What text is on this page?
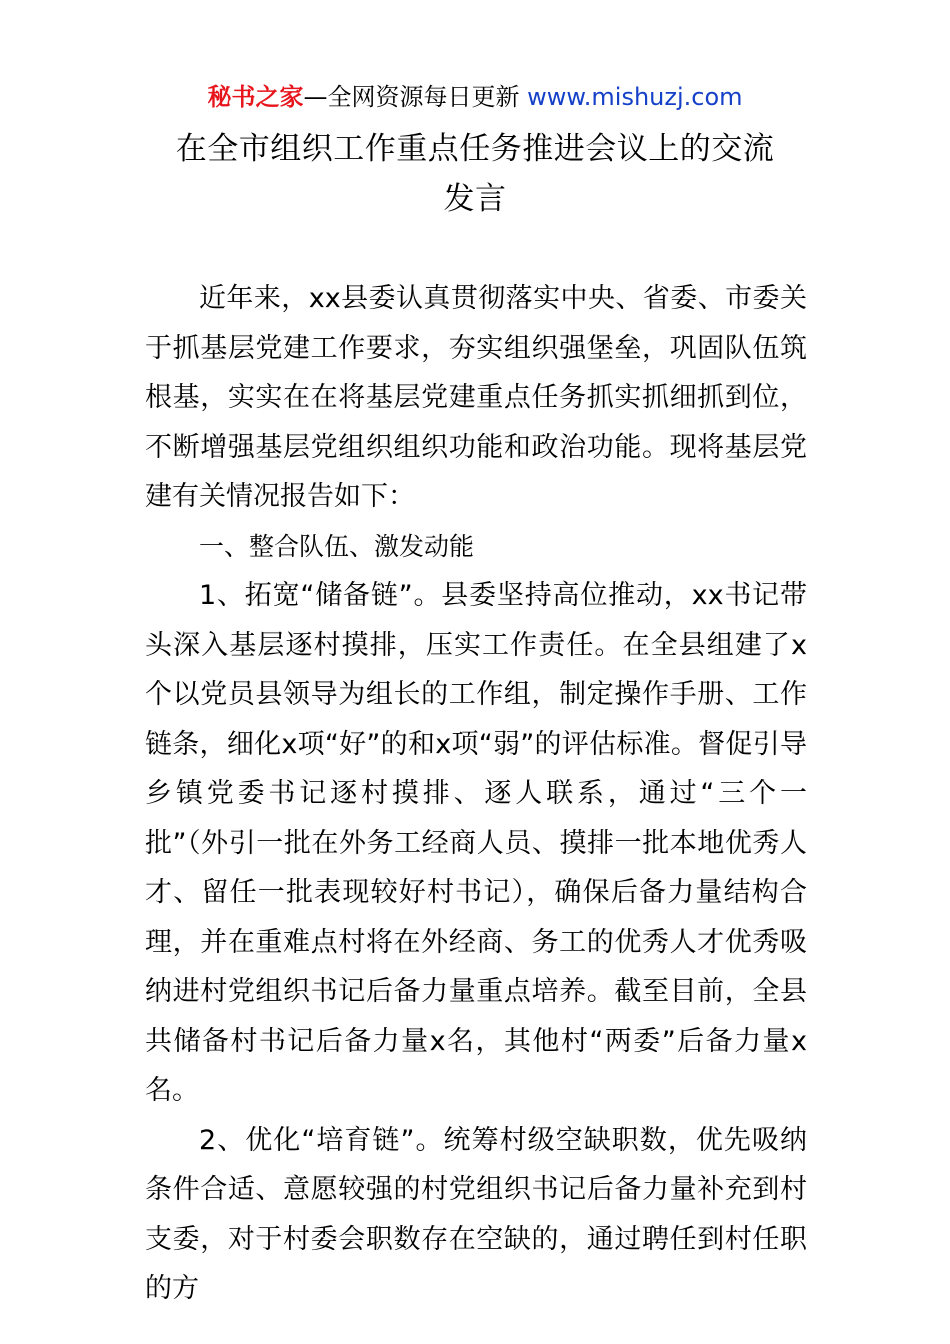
秘书之家—全网资源每日更新 www.mishuzj.com
在全市组织工作重点任务推进会议上的交流
发言

近年来，xx县委认真贯彻落实中央、省委、市委关于抓基层党建工作要求，夯实组织强堡垒，巩固队伍筑根基，实实在在将基层党建重点任务抓实抓细抓到位，不断增强基层党组织组织功能和政治功能。现将基层党建有关情况报告如下：

一、整合队伍、激发动能

1、拓宽“储备链”。县委坚持高位推动，xx书记带头深入基层逐村摸排，压实工作责任。在全县组建了x个以党员县领导为组长的工作组，制定操作手册、工作链条，细化x项“好”的和x项“弱”的评估标准。督促引导乡镇党委书记逐村摸排、逐人联系，通过“三个一批”（外引一批在外务工经商人员、摸排一批本地优秀人才、留任一批表现较好村书记），确保后备力量结构合理，并在重难点村将在外经商、务工的优秀人才优秀吸纳进村党组织书记后备力量重点培养。截至目前，全县共储备村书记后备力量x名，其他村“两委”后备力量x名。

2、优化“培育链”。统筹村级空缺职数，优先吸纳条件合适、意愿较强的村党组织书记后备力量补充到村支委，对于村委会职数存在空缺的，通过聘任到村任职的方
